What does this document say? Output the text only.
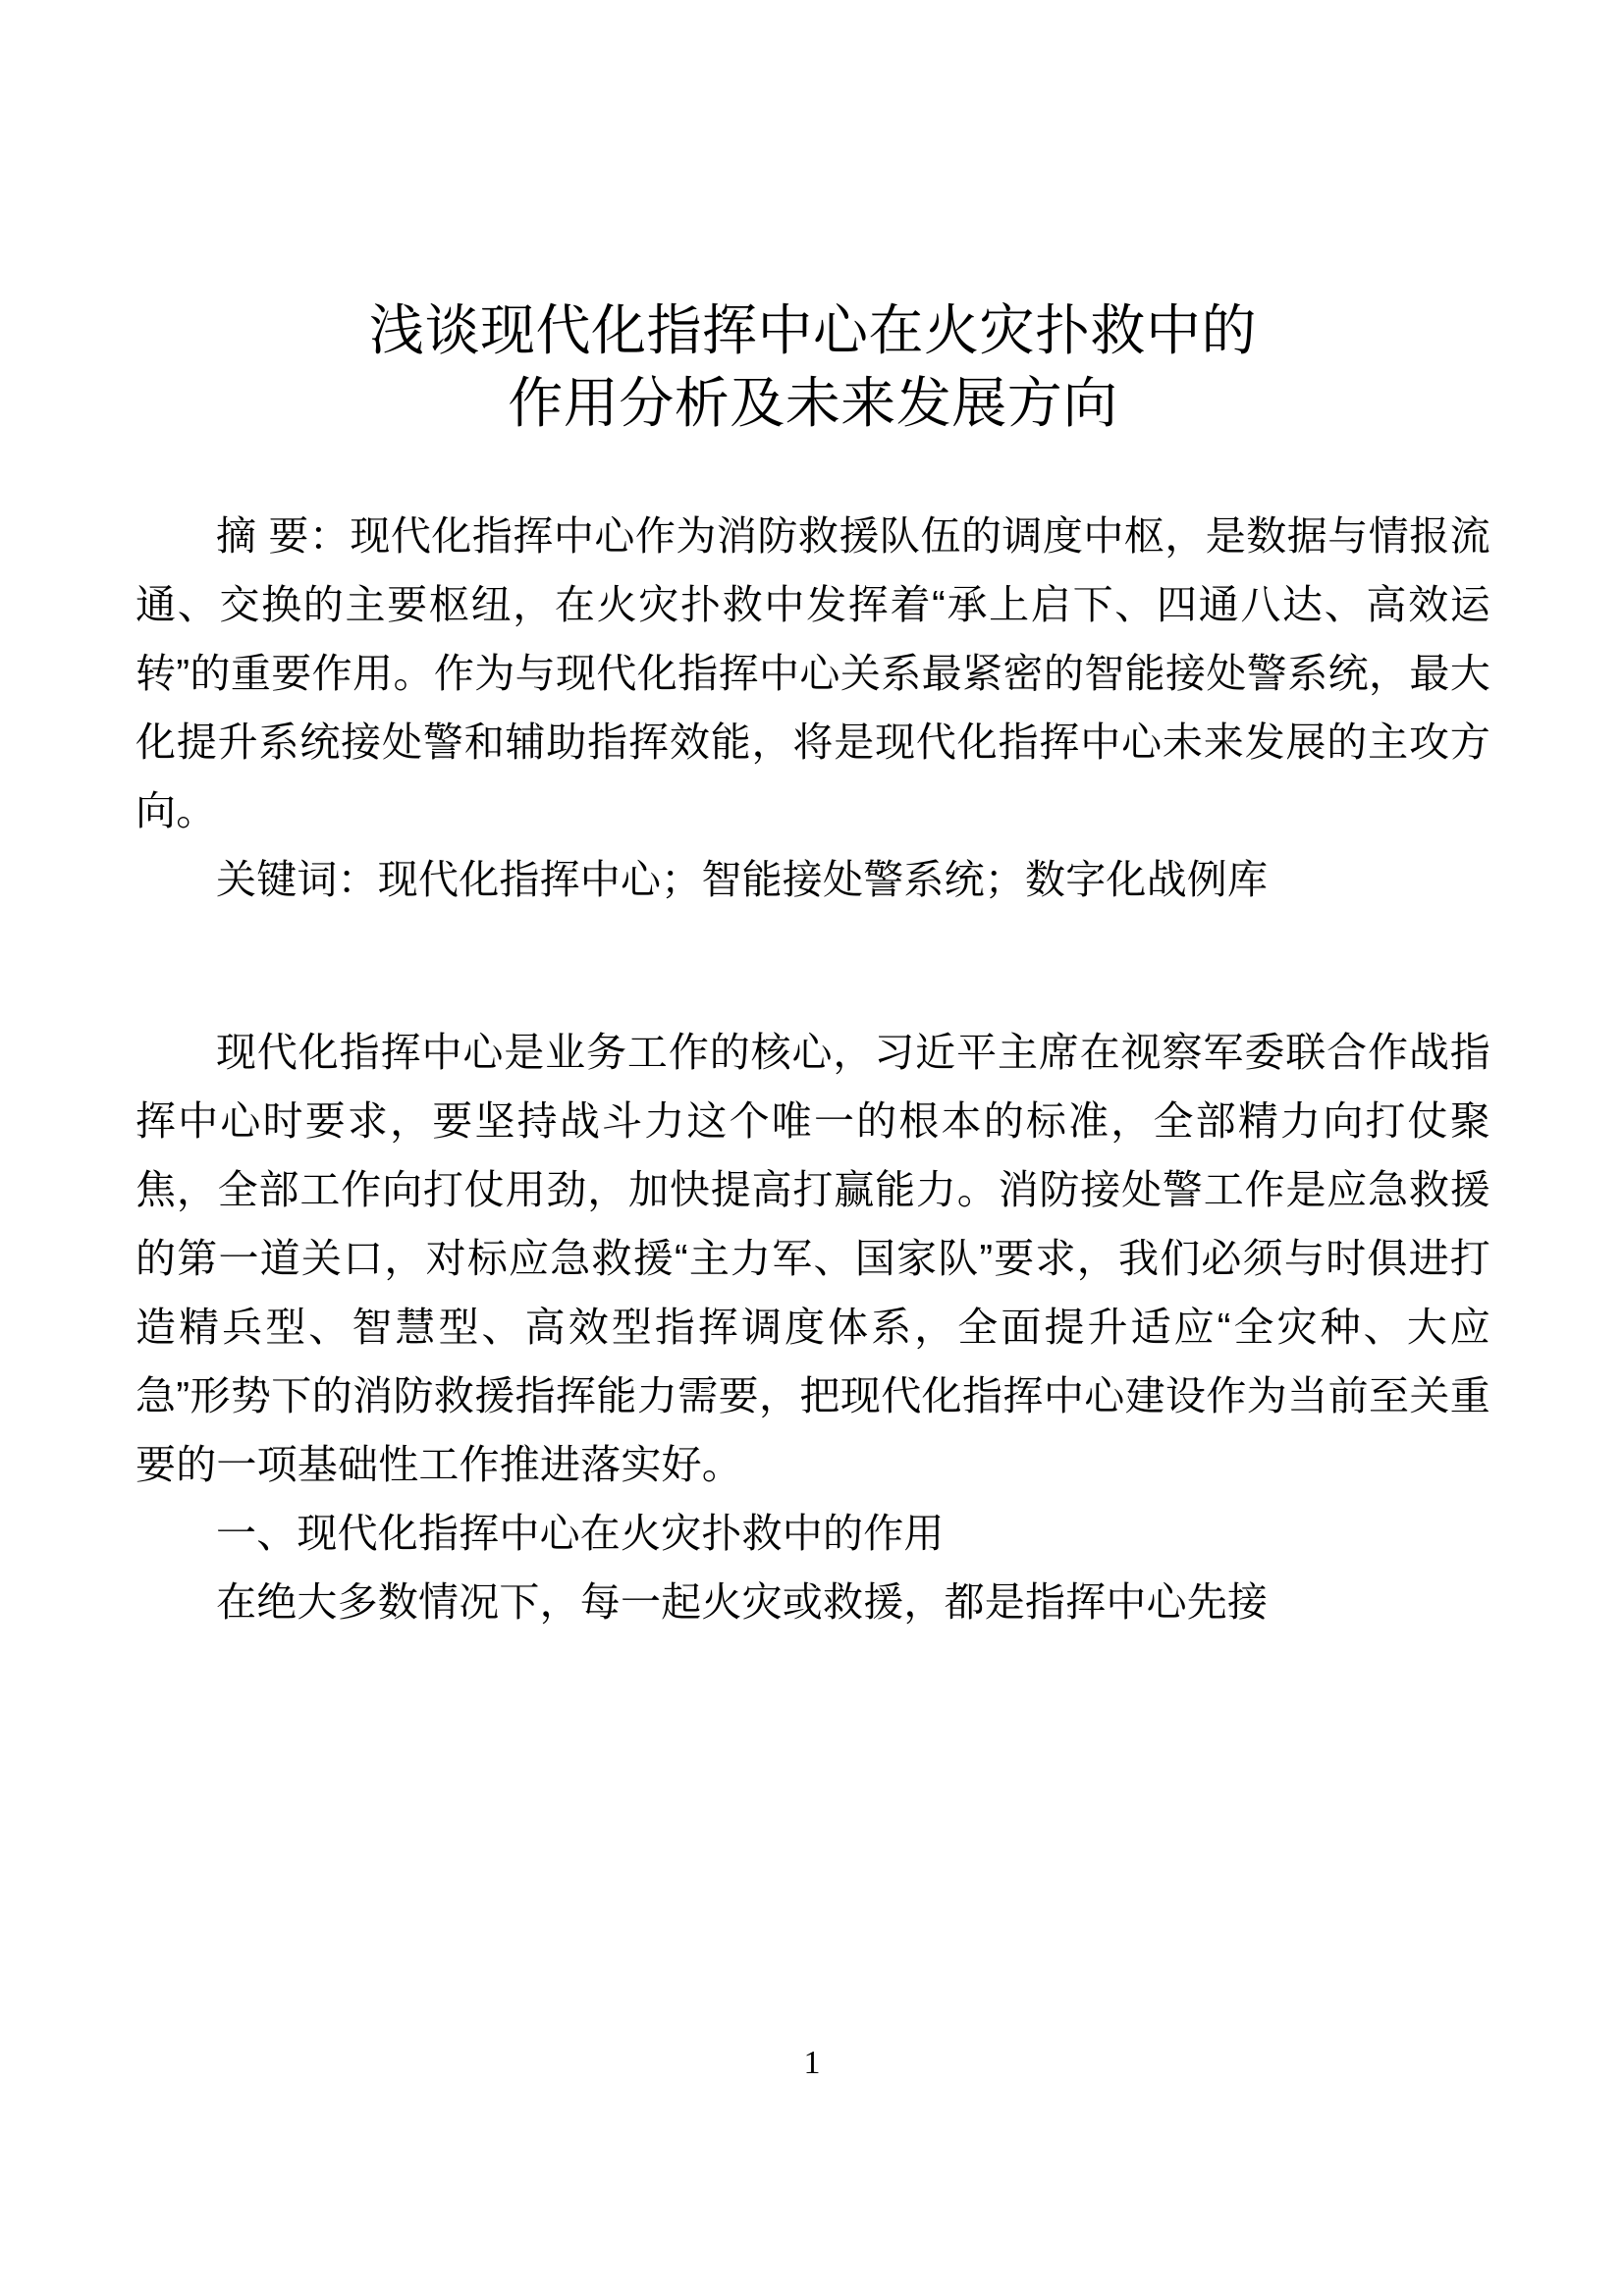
浅谈现代化指挥中心在火灾扑救中的
作用分析及未来发展方向

摘 要：现代化指挥中心作为消防救援队伍的调度中枢，是数据与情报流通、交换的主要枢纽，在火灾扑救中发挥着“承上启下、四通八达、高效运转”的重要作用。作为与现代化指挥中心关系最紧密的智能接处警系统，最大化提升系统接处警和辅助指挥效能，将是现代化指挥中心未来发展的主攻方向。

关键词：现代化指挥中心；智能接处警系统；数字化战例库

现代化指挥中心是业务工作的核心，习近平主席在视察军委联合作战指挥中心时要求，要坚持战斗力这个唯一的根本的标准，全部精力向打仗聚焦，全部工作向打仗用劲，加快提高打赢能力。消防接处警工作是应急救援的第一道关口，对标应急救援“主力军、国家队”要求，我们必须与时俱进打造精兵型、智慧型、高效型指挥调度体系，全面提升适应“全灾种、大应急”形势下的消防救援指挥能力需要，把现代化指挥中心建设作为当前至关重要的一项基础性工作推进落实好。

一、现代化指挥中心在火灾扑救中的作用

在绝大多数情况下，每一起火灾或救援，都是指挥中心先接

1
